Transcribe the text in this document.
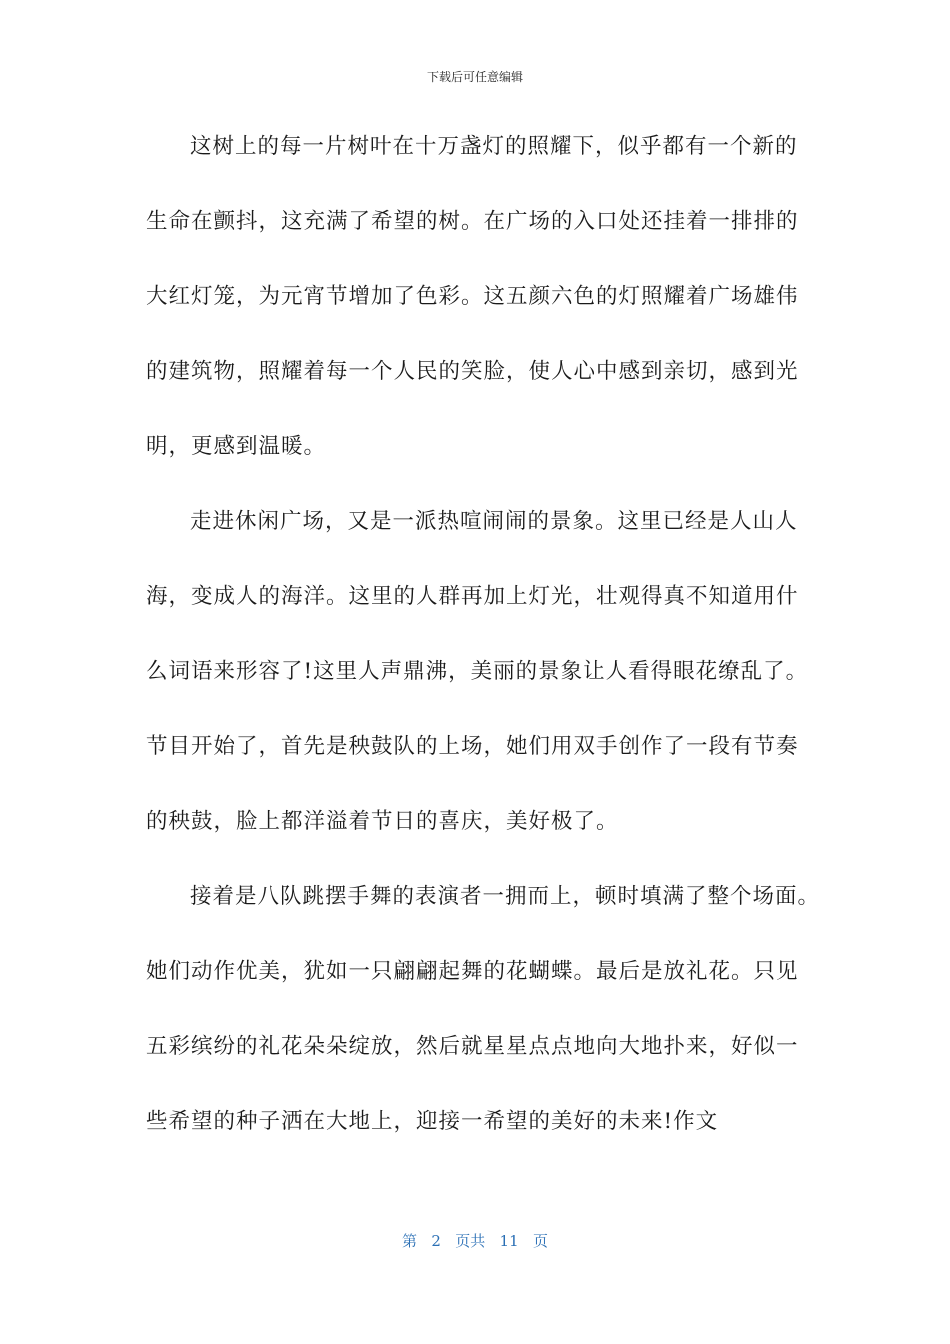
下载后可任意编辑
这树上的每一片树叶在十万盏灯的照耀下，似乎都有一个新的
生命在颤抖，这充满了希望的树。在广场的入口处还挂着一排排的
大红灯笼，为元宵节增加了色彩。这五颜六色的灯照耀着广场雄伟
的建筑物，照耀着每一个人民的笑脸，使人心中感到亲切，感到光
明，更感到温暖。
走进休闲广场，又是一派热喧闹闹的景象。这里已经是人山人
海，变成人的海洋。这里的人群再加上灯光，壮观得真不知道用什
么词语来形容了!这里人声鼎沸，美丽的景象让人看得眼花缭乱了。
节目开始了，首先是秧鼓队的上场，她们用双手创作了一段有节奏
的秧鼓，脸上都洋溢着节日的喜庆，美好极了。
接着是八队跳摆手舞的表演者一拥而上，顿时填满了整个场面。
她们动作优美，犹如一只翩翩起舞的花蝴蝶。最后是放礼花。只见
五彩缤纷的礼花朵朵绽放，然后就星星点点地向大地扑来，好似一
些希望的种子洒在大地上，迎接一希望的美好的未来!作文
第 2 页共 11 页
